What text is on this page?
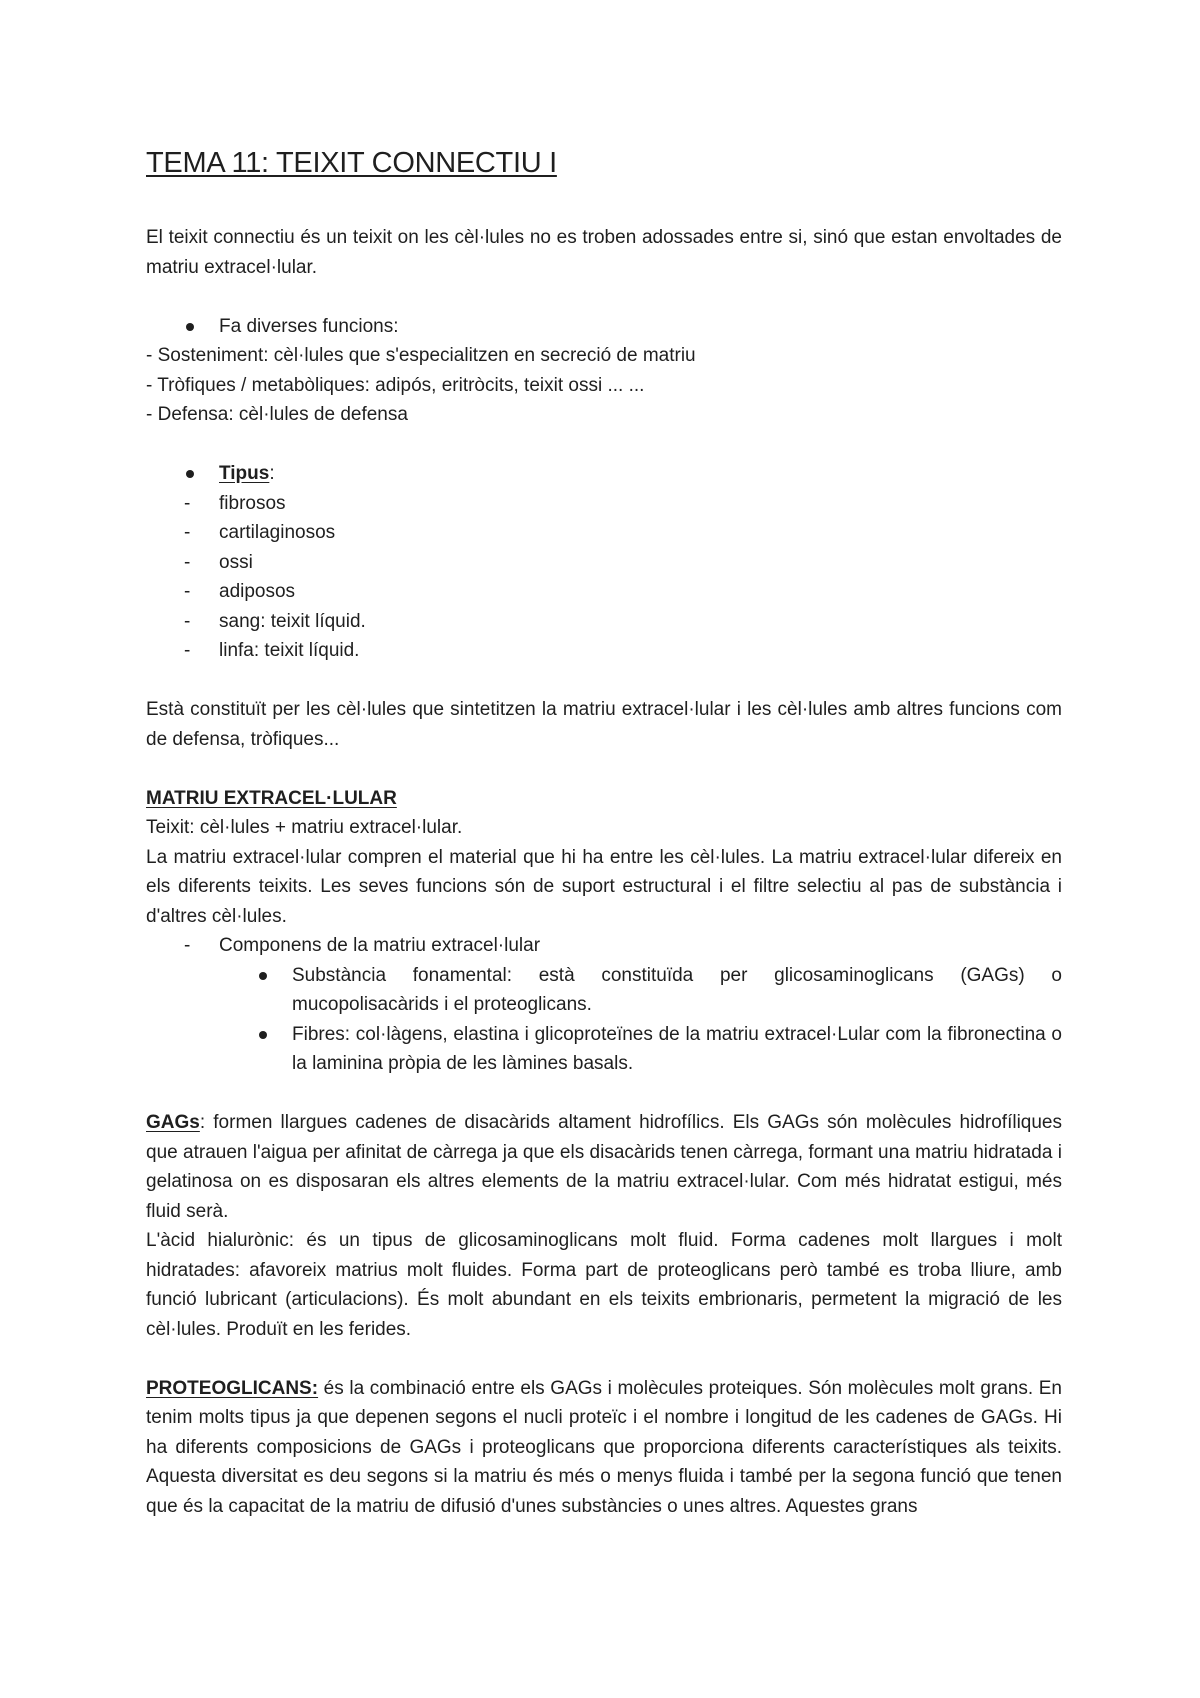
TEMA 11: TEIXIT CONNECTIU I

El teixit connectiu és un teixit on les cèl·lules no es troben adossades entre si, sinó que estan envoltades de matriu extracel·lular.

Fa diverses funcions:

- Sosteniment: cèl·lules que s'especialitzen en secreció de matriu

- Tròfiques / metabòliques: adipós, eritròcits, teixit ossi ... ...

- Defensa: cèl·lules de defensa

Tipus:
- fibrosos
- cartilaginosos
- ossi
- adiposos
- sang: teixit líquid.
- linfa: teixit líquid.

Està constituït per les cèl·lules que sintetitzen la matriu extracel·lular i les cèl·lules amb altres funcions com de defensa, tròfiques...

MATRIU EXTRACEL·LULAR

Teixit: cèl·lules + matriu extracel·lular.

La matriu extracel·lular compren el material que hi ha entre les cèl·lules. La matriu extracel·lular difereix en els diferents teixits. Les seves funcions són de suport estructural i el filtre selectiu al pas de substància i d'altres cèl·lules.

- Componens de la matriu extracel·lular
Substància fonamental: està constituïda per glicosaminoglicans (GAGs) o mucopolisacàrids i el proteoglicans.
Fibres: col·làgens, elastina i glicoproteïnes de la matriu extracel·Lular com la fibronectina o la laminina pròpia de les làmines basals.

GAGs: formen llargues cadenes de disacàrids altament hidrofílics. Els GAGs són molècules hidrofíliques que atrauen l'aigua per afinitat de càrrega ja que els disacàrids tenen càrrega, formant una matriu hidratada i gelatinosa on es disposaran els altres elements de la matriu extracel·lular. Com més hidratat estigui, més fluid serà.

L'àcid hialurònic: és un tipus de glicosaminoglicans molt fluid. Forma cadenes molt llargues i molt hidratades: afavoreix matrius molt fluides. Forma part de proteoglicans però també es troba lliure, amb funció lubricant (articulacions). És molt abundant en els teixits embrionaris, permetent la migració de les cèl·lules. Produït en les ferides.

PROTEOGLICANS: és la combinació entre els GAGs i molècules proteiques. Són molècules molt grans. En tenim molts tipus ja que depenen segons el nucli proteïc i el nombre i longitud de les cadenes de GAGs. Hi ha diferents composicions de GAGs i proteoglicans que proporciona diferents característiques als teixits. Aquesta diversitat es deu segons si la matriu és més o menys fluida i també per la segona funció que tenen que és la capacitat de la matriu de difusió d'unes substàncies o unes altres. Aquestes grans
